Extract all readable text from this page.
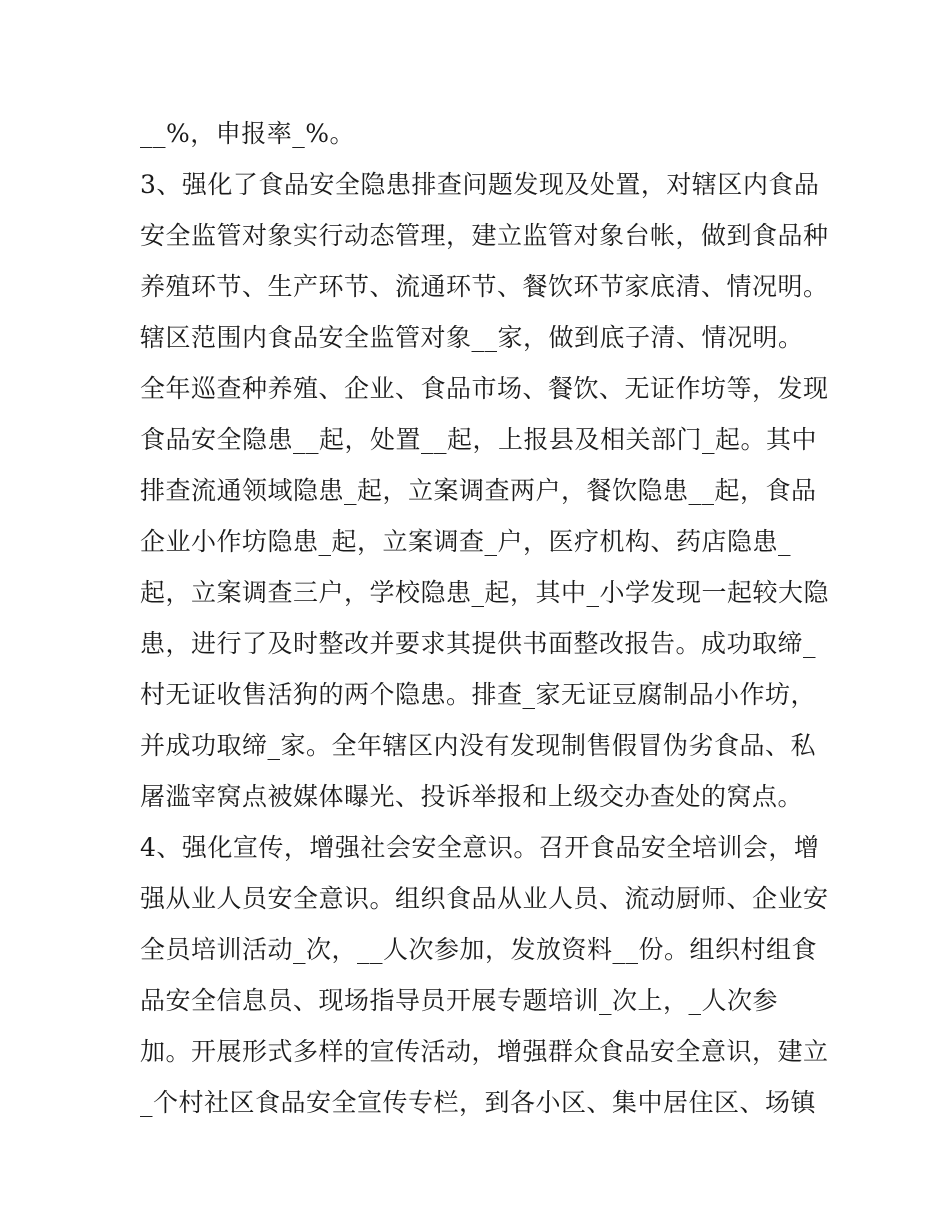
__%，申报率_%。
3、强化了食品安全隐患排查问题发现及处置，对辖区内食品
安全监管对象实行动态管理，建立监管对象台帐，做到食品种
养殖环节、生产环节、流通环节、餐饮环节家底清、情况明。
辖区范围内食品安全监管对象__家，做到底子清、情况明。
全年巡查种养殖、企业、食品市场、餐饮、无证作坊等，发现
食品安全隐患__起，处置__起，上报县及相关部门_起。其中
排查流通领域隐患_起，立案调查两户，餐饮隐患__起，食品
企业小作坊隐患_起，立案调查_户，医疗机构、药店隐患_
起，立案调查三户，学校隐患_起，其中_小学发现一起较大隐
患，进行了及时整改并要求其提供书面整改报告。成功取缔_
村无证收售活狗的两个隐患。排查_家无证豆腐制品小作坊，
并成功取缔_家。全年辖区内没有发现制售假冒伪劣食品、私
屠滥宰窝点被媒体曝光、投诉举报和上级交办查处的窝点。
4、强化宣传，增强社会安全意识。召开食品安全培训会，增
强从业人员安全意识。组织食品从业人员、流动厨师、企业安
全员培训活动_次，__人次参加，发放资料__份。组织村组食
品安全信息员、现场指导员开展专题培训_次上，_人次参
加。开展形式多样的宣传活动，增强群众食品安全意识，建立
_个村社区食品安全宣传专栏，到各小区、集中居住区、场镇
